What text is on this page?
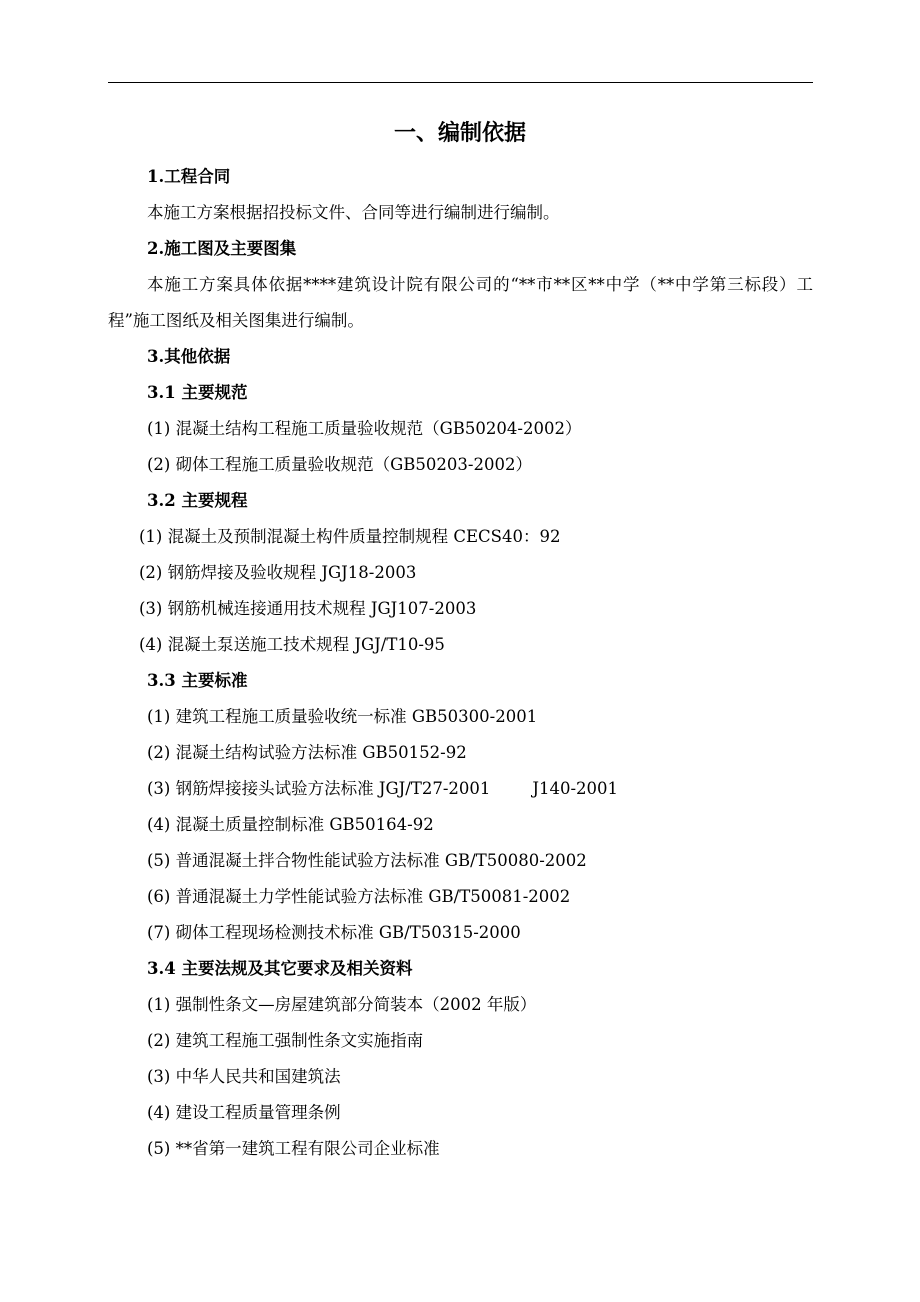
一、编制依据
1.工程合同
本施工方案根据招投标文件、合同等进行编制进行编制。
2.施工图及主要图集
本施工方案具体依据****建筑设计院有限公司的“**市**区**中学（**中学第三标段）工程”施工图纸及相关图集进行编制。
3.其他依据
3.1 主要规范
(1) 混凝土结构工程施工质量验收规范（GB50204-2002）
(2) 砌体工程施工质量验收规范（GB50203-2002）
3.2 主要规程
(1) 混凝土及预制混凝土构件质量控制规程 CECS40：92
(2) 钢筋焊接及验收规程 JGJ18-2003
(3) 钢筋机械连接通用技术规程 JGJ107-2003
(4) 混凝土泵送施工技术规程 JGJ/T10-95
3.3 主要标准
(1) 建筑工程施工质量验收统一标准 GB50300-2001
(2) 混凝土结构试验方法标准 GB50152-92
(3) 钢筋焊接接头试验方法标准 JGJ/T27-2001        J140-2001
(4) 混凝土质量控制标准 GB50164-92
(5) 普通混凝土拌合物性能试验方法标准 GB/T50080-2002
(6) 普通混凝土力学性能试验方法标准 GB/T50081-2002
(7) 砌体工程现场检测技术标准 GB/T50315-2000
3.4 主要法规及其它要求及相关资料
(1) 强制性条文—房屋建筑部分简装本（2002 年版）
(2) 建筑工程施工强制性条文实施指南
(3) 中华人民共和国建筑法
(4) 建设工程质量管理条例
(5) **省第一建筑工程有限公司企业标准
